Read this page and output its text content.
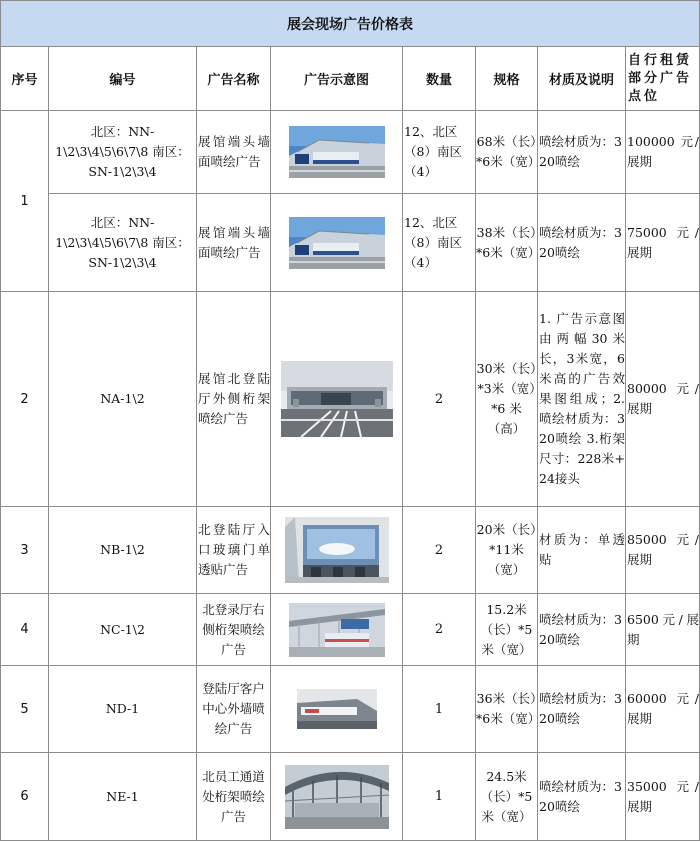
展会现场广告价格表							
序号	编号	广告名称	广告示意图	数量	规格	材质及说明	自行租赁部分广告点位
1	北区：NN-1\2\3\4\5\6\7\8 南区：SN-1\2\3\4	展馆端头墙面喷绘广告		12、北区（8）南区（4）	68米（长）*6米（宽）	喷绘材质为：320喷绘	100000 元/展期
	北区：NN-1\2\3\4\5\6\7\8 南区：SN-1\2\3\4	展馆端头墙面喷绘广告		12、北区（8）南区（4）	38米（长）*6米（宽）	喷绘材质为：320喷绘	75000 元/展期
2	NA-1\2	展馆北登陆厅外侧桁架喷绘广告		2	30米（长）*3米（宽）*6 米（高）	1. 广告示意图由两幅30米长，3米宽，6米高的广告效果图组成；2. 喷绘材质为：320喷绘 3.桁架尺寸：228米+24接头	80000 元/展期
3	NB-1\2	北登陆厅入口玻璃门单透贴广告		2	20米（长）*11米（宽）	材质为：单透贴	85000 元/展期
4	NC-1\2	北登录厅右侧桁架喷绘广告		2	15.2米（长）*5米（宽）	喷绘材质为：320喷绘	6500元/展期
5	ND-1	登陆厅客户中心外墙喷绘广告		1	36米（长）*6米（宽）	喷绘材质为：320喷绘	60000 元/展期
6	NE-1	北员工通道处桁架喷绘广告		1	24.5米（长）*5米（宽）	喷绘材质为：320喷绘	35000 元/展期
